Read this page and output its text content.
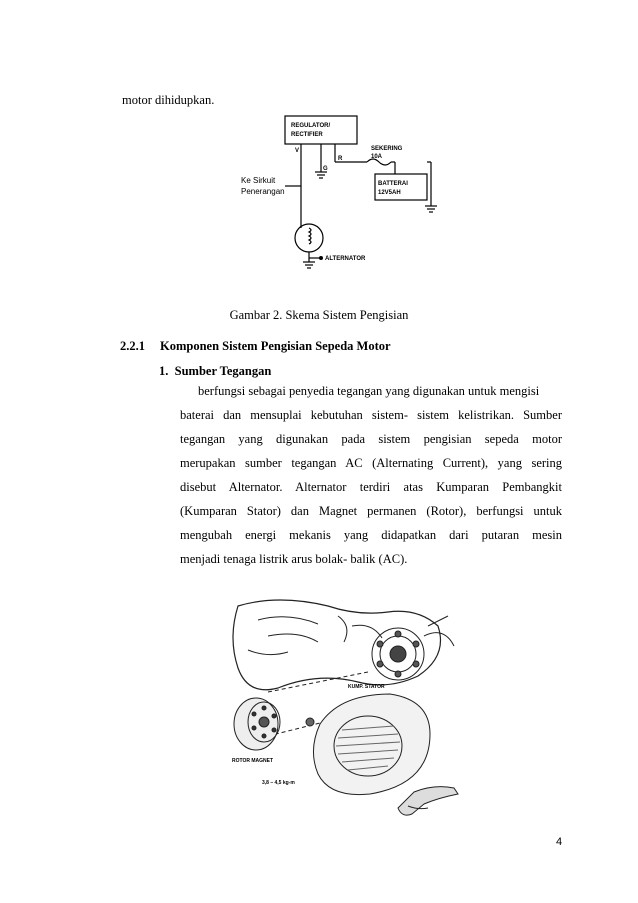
motor dihidupkan.
REGULATOR/
RECTIFIER
SEKERING
10A
BATTERAI
12V5AH
ALTERNATOR
V
G
R
Ke Sirkuit
Penerangan
Gambar 2. Skema Sistem Pengisian
2.2.1 Komponen Sistem Pengisian Sepeda Motor
1. Sumber Tegangan
berfungsi sebagai penyedia tegangan yang digunakan untuk mengisi
baterai dan mensuplai kebutuhan sistem- sistem kelistrikan. Sumber
tegangan yang digunakan pada sistem pengisian sepeda motor
merupakan sumber tegangan AC (Alternating Current), yang sering
disebut Alternator. Alternator terdiri atas Kumparan Pembangkit
(Kumparan Stator) dan Magnet permanen (Rotor), berfungsi untuk
mengubah energi mekanis yang didapatkan dari putaran mesin
menjadi tenaga listrik arus bolak- balik (AC).
KUMP. STATOR
ROTOR MAGNET
3,8 – 4,5 kg-m
4
